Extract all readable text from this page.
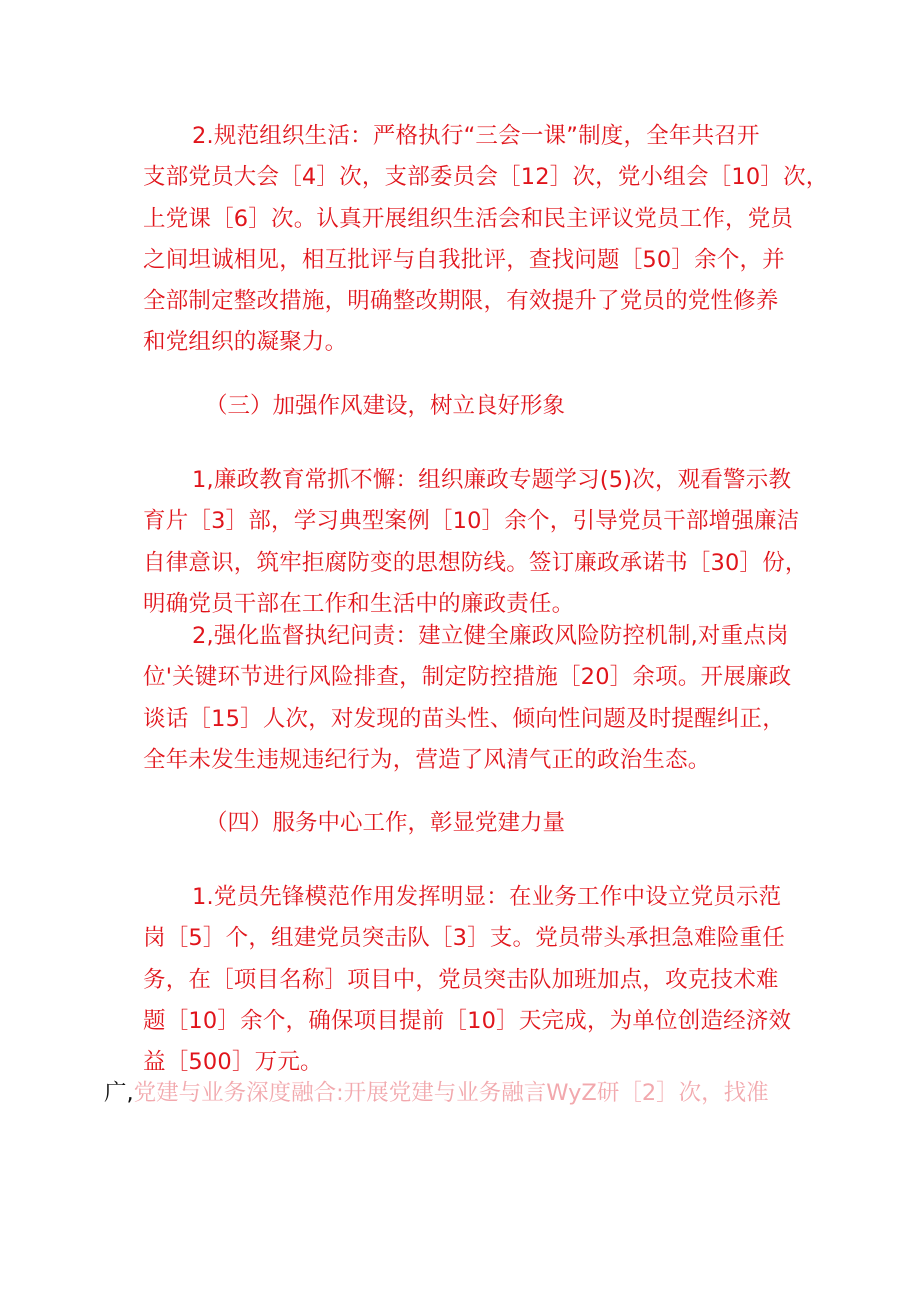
2.规范组织生活：严格执行“三会一课”制度，全年共召开
支部党员大会［4］次，支部委员会［12］次，党小组会［10］次，
上党课［6］次。认真开展组织生活会和民主评议党员工作，党员
之间坦诚相见，相互批评与自我批评，查找问题［50］余个，并
全部制定整改措施，明确整改期限，有效提升了党员的党性修养
和党组织的凝聚力。
（三）加强作风建设，树立良好形象
1,廉政教育常抓不懈：组织廉政专题学习(5)次，观看警示教
育片［3］部，学习典型案例［10］余个，引导党员干部增强廉洁
自律意识，筑牢拒腐防变的思想防线。签订廉政承诺书［30］份，
明确党员干部在工作和生活中的廉政责任。
2,强化监督执纪问责：建立健全廉政风险防控机制,对重点岗
位'关键环节进行风险排查，制定防控措施［20］余项。开展廉政
谈话［15］人次，对发现的苗头性、倾向性问题及时提醒纠正，
全年未发生违规违纪行为，营造了风清气正的政治生态。
（四）服务中心工作，彰显党建力量
1.党员先锋模范作用发挥明显：在业务工作中设立党员示范
岗［5］个，组建党员突击队［3］支。党员带头承担急难险重任
务，在［项目名称］项目中，党员突击队加班加点，攻克技术难
题［10］余个，确保项目提前［10］天完成，为单位创造经济效
益［500］万元。
广,党建与业务深度融合:开展党建与业务融言WyZ研［2］次，找准
